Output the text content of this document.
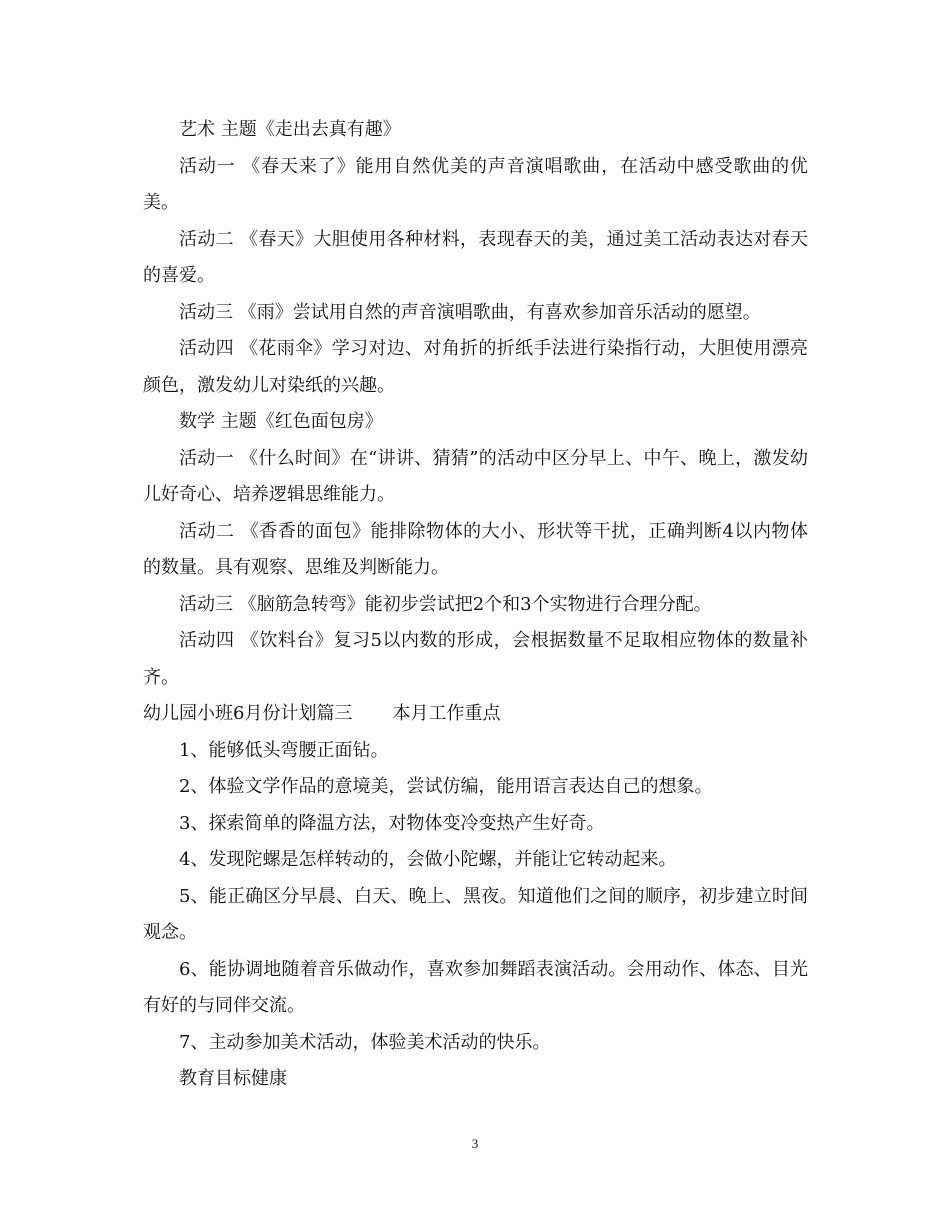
艺术 主题《走出去真有趣》

活动一 《春天来了》能用自然优美的声音演唱歌曲，在活动中感受歌曲的优美。

活动二 《春天》大胆使用各种材料，表现春天的美，通过美工活动表达对春天的喜爱。

活动三 《雨》尝试用自然的声音演唱歌曲，有喜欢参加音乐活动的愿望。

活动四 《花雨伞》学习对边、对角折的折纸手法进行染指行动，大胆使用漂亮颜色，激发幼儿对染纸的兴趣。

数学 主题《红色面包房》

活动一 《什么时间》在“讲讲、猜猜”的活动中区分早上、中午、晚上，激发幼儿好奇心、培养逻辑思维能力。

活动二 《香香的面包》能排除物体的大小、形状等干扰，正确判断4以内物体的数量。具有观察、思维及判断能力。

活动三 《脑筋急转弯》能初步尝试把2个和3个实物进行合理分配。

活动四 《饮料台》复习5以内数的形成，会根据数量不足取相应物体的数量补齐。

幼儿园小班6月份计划篇三 本月工作重点

1、能够低头弯腰正面钻。

2、体验文学作品的意境美，尝试仿编，能用语言表达自己的想象。

3、探索简单的降温方法，对物体变冷变热产生好奇。

4、发现陀螺是怎样转动的，会做小陀螺，并能让它转动起来。

5、能正确区分早晨、白天、晚上、黑夜。知道他们之间的顺序，初步建立时间观念。

6、能协调地随着音乐做动作，喜欢参加舞蹈表演活动。会用动作、体态、目光有好的与同伴交流。

7、主动参加美术活动，体验美术活动的快乐。

教育目标健康

3
